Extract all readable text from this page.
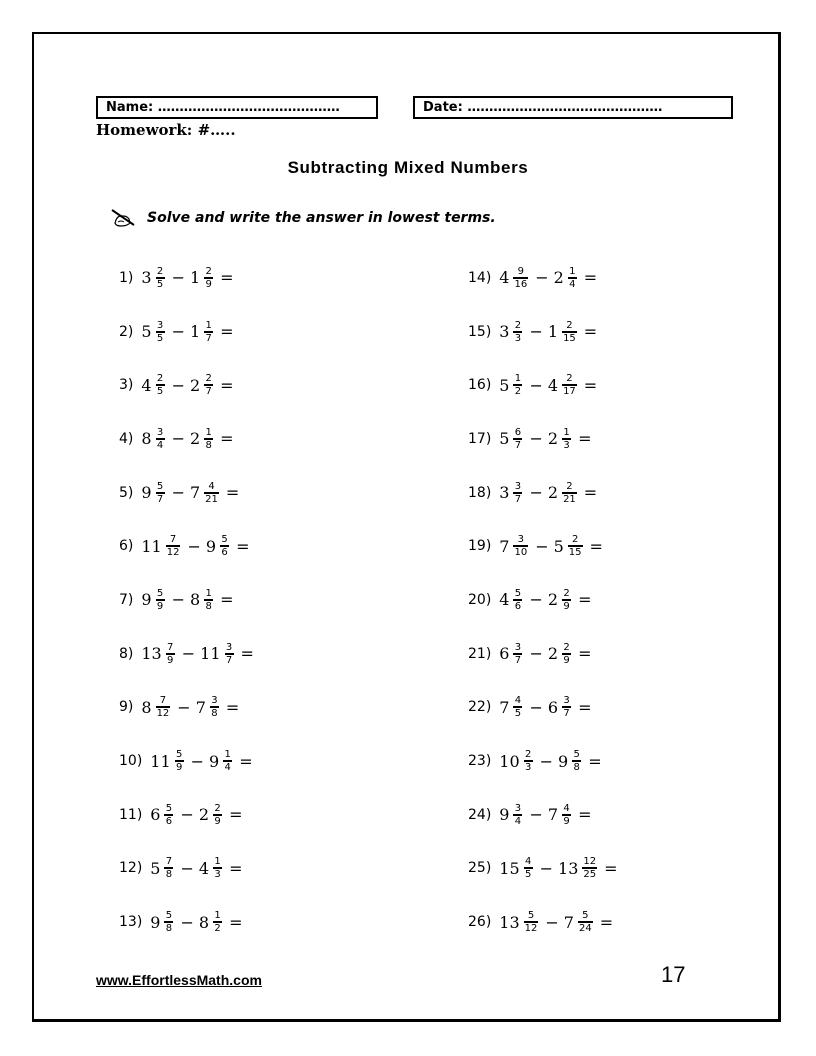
Name: ……………………………………	Date: ………………………………………
Homework: #…..
Subtracting Mixed Numbers
Solve and write the answer in lowest terms.
1) $3 \frac{2}{5} - 1 \frac{2}{9}$ =
2) $5 \frac{3}{5} - 1 \frac{1}{7}$ =
3) $4 \frac{2}{5} - 2 \frac{2}{7}$ =
4) $8 \frac{3}{4} - 2 \frac{1}{8}$ =
5) $9 \frac{5}{7} - 7 \frac{4}{21}$ =
6) $11 \frac{7}{12} - 9 \frac{5}{6}$ =
7) $9 \frac{5}{9} - 8 \frac{1}{8}$ =
8) $13 \frac{7}{9} - 11 \frac{3}{7}$ =
9) $8 \frac{7}{12} - 7 \frac{3}{8}$ =
10) $11 \frac{5}{9} - 9 \frac{1}{4}$ =
11) $6 \frac{5}{6} - 2 \frac{2}{9}$ =
12) $5 \frac{7}{8} - 4 \frac{1}{3}$ =
13) $9 \frac{5}{8} - 8 \frac{1}{2}$ =
14) $4 \frac{9}{16} - 2 \frac{1}{4}$ =
15) $3 \frac{2}{3} - 1 \frac{2}{15}$ =
16) $5 \frac{1}{2} - 4 \frac{2}{17}$ =
17) $5 \frac{6}{7} - 2 \frac{1}{3}$ =
18) $3 \frac{3}{7} - 2 \frac{2}{21}$ =
19) $7 \frac{3}{10} - 5 \frac{2}{15}$ =
20) $4 \frac{5}{6} - 2 \frac{2}{9}$ =
21) $6 \frac{3}{7} - 2 \frac{2}{9}$ =
22) $7 \frac{4}{5} - 6 \frac{3}{7}$ =
23) $10 \frac{2}{3} - 9 \frac{5}{8}$ =
24) $9 \frac{3}{4} - 7 \frac{4}{9}$ =
25) $15 \frac{4}{5} - 13 \frac{12}{25}$ =
26) $13 \frac{5}{12} - 7 \frac{5}{24}$ =
www.EffortlessMath.com	17
